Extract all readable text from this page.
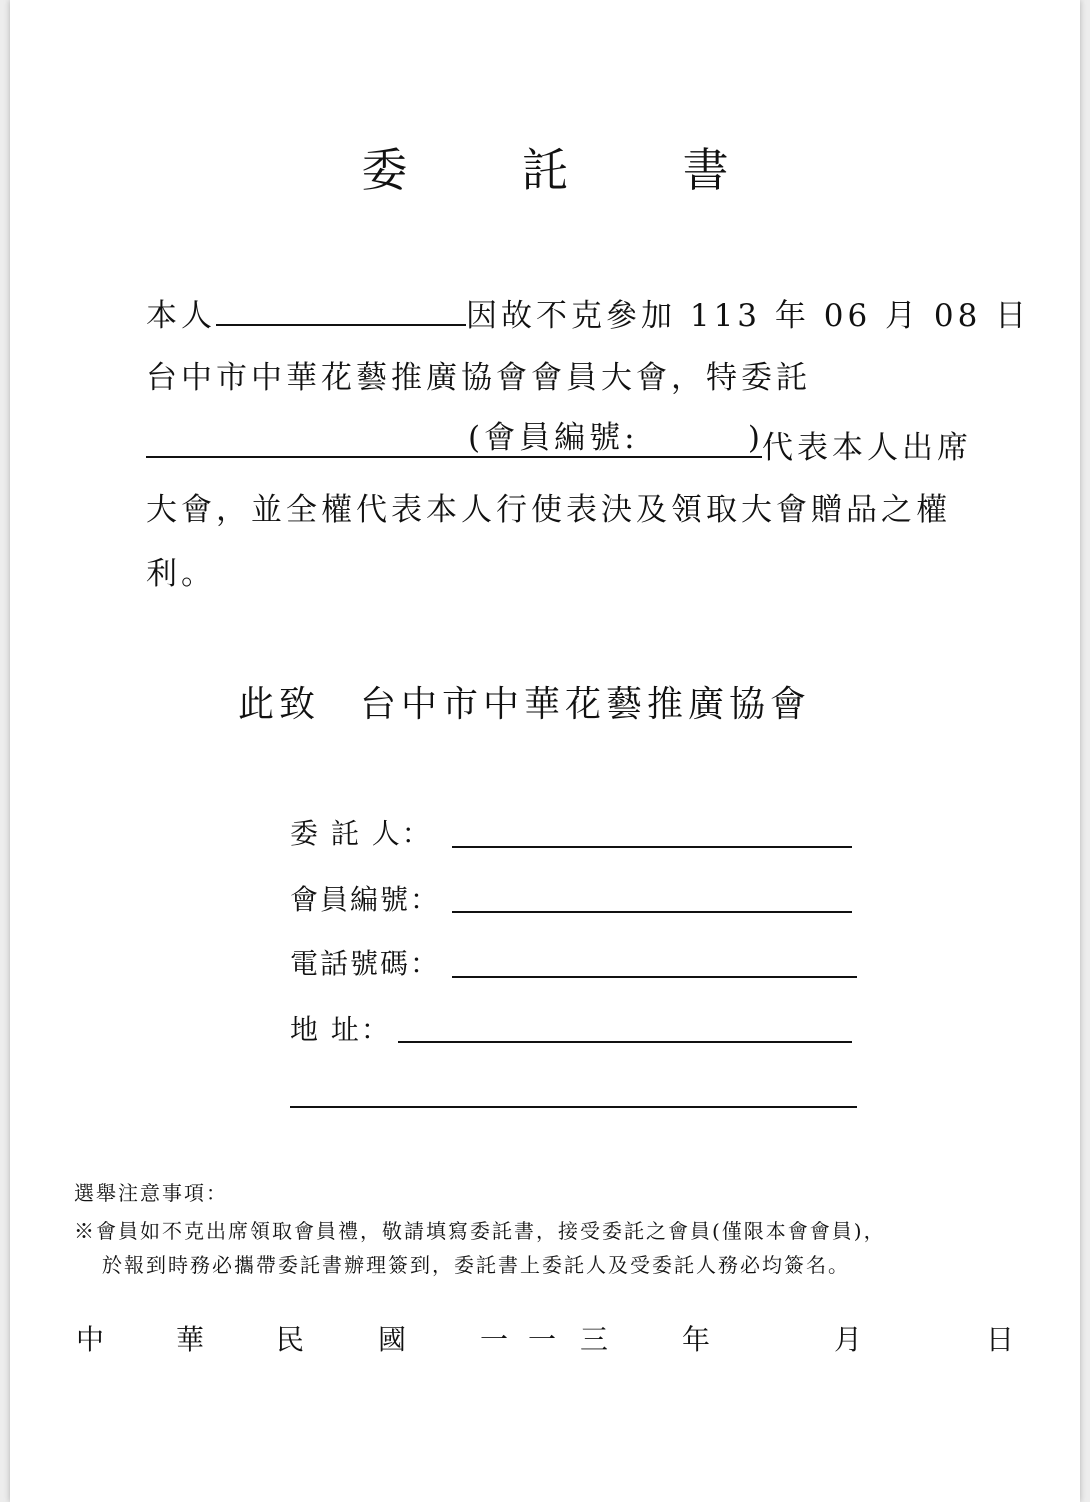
委 託 書
本人	因故不克參加 113 年 06 月 08 日
台中市中華花藝推廣協會會員大會，特委託
(會員編號:	)
代表本人出席
大會，並全權代表本人行使表決及領取大會贈品之權
利。
此致 台中市中華花藝推廣協會
委 託 人：
會員編號：
電話號碼：
地 址：
選舉注意事項：
※會員如不克出席領取會員禮，敬請填寫委託書，接受委託之會員(僅限本會會員)，
於報到時務必攜帶委託書辦理簽到，委託書上委託人及受委託人務必均簽名。
中	華	民	國	一 一 三	年	月	日
